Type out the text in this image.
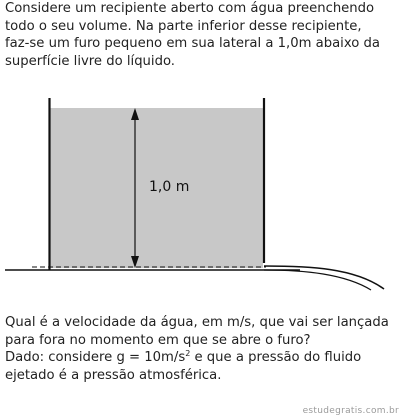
Considere um recipiente aberto com água preenchendo
todo o seu volume. Na parte inferior desse recipiente,
faz-se um furo pequeno em sua lateral a 1,0m abaixo da
superfície livre do líquido.

1,0 m

Qual é a velocidade da água, em m/s, que vai ser lançada
para fora no momento em que se abre o furo?
Dado: considere $g = 10m/s^2$ e que a pressão do fluido
ejetado é a pressão atmosférica.

estudegratis.com.br
